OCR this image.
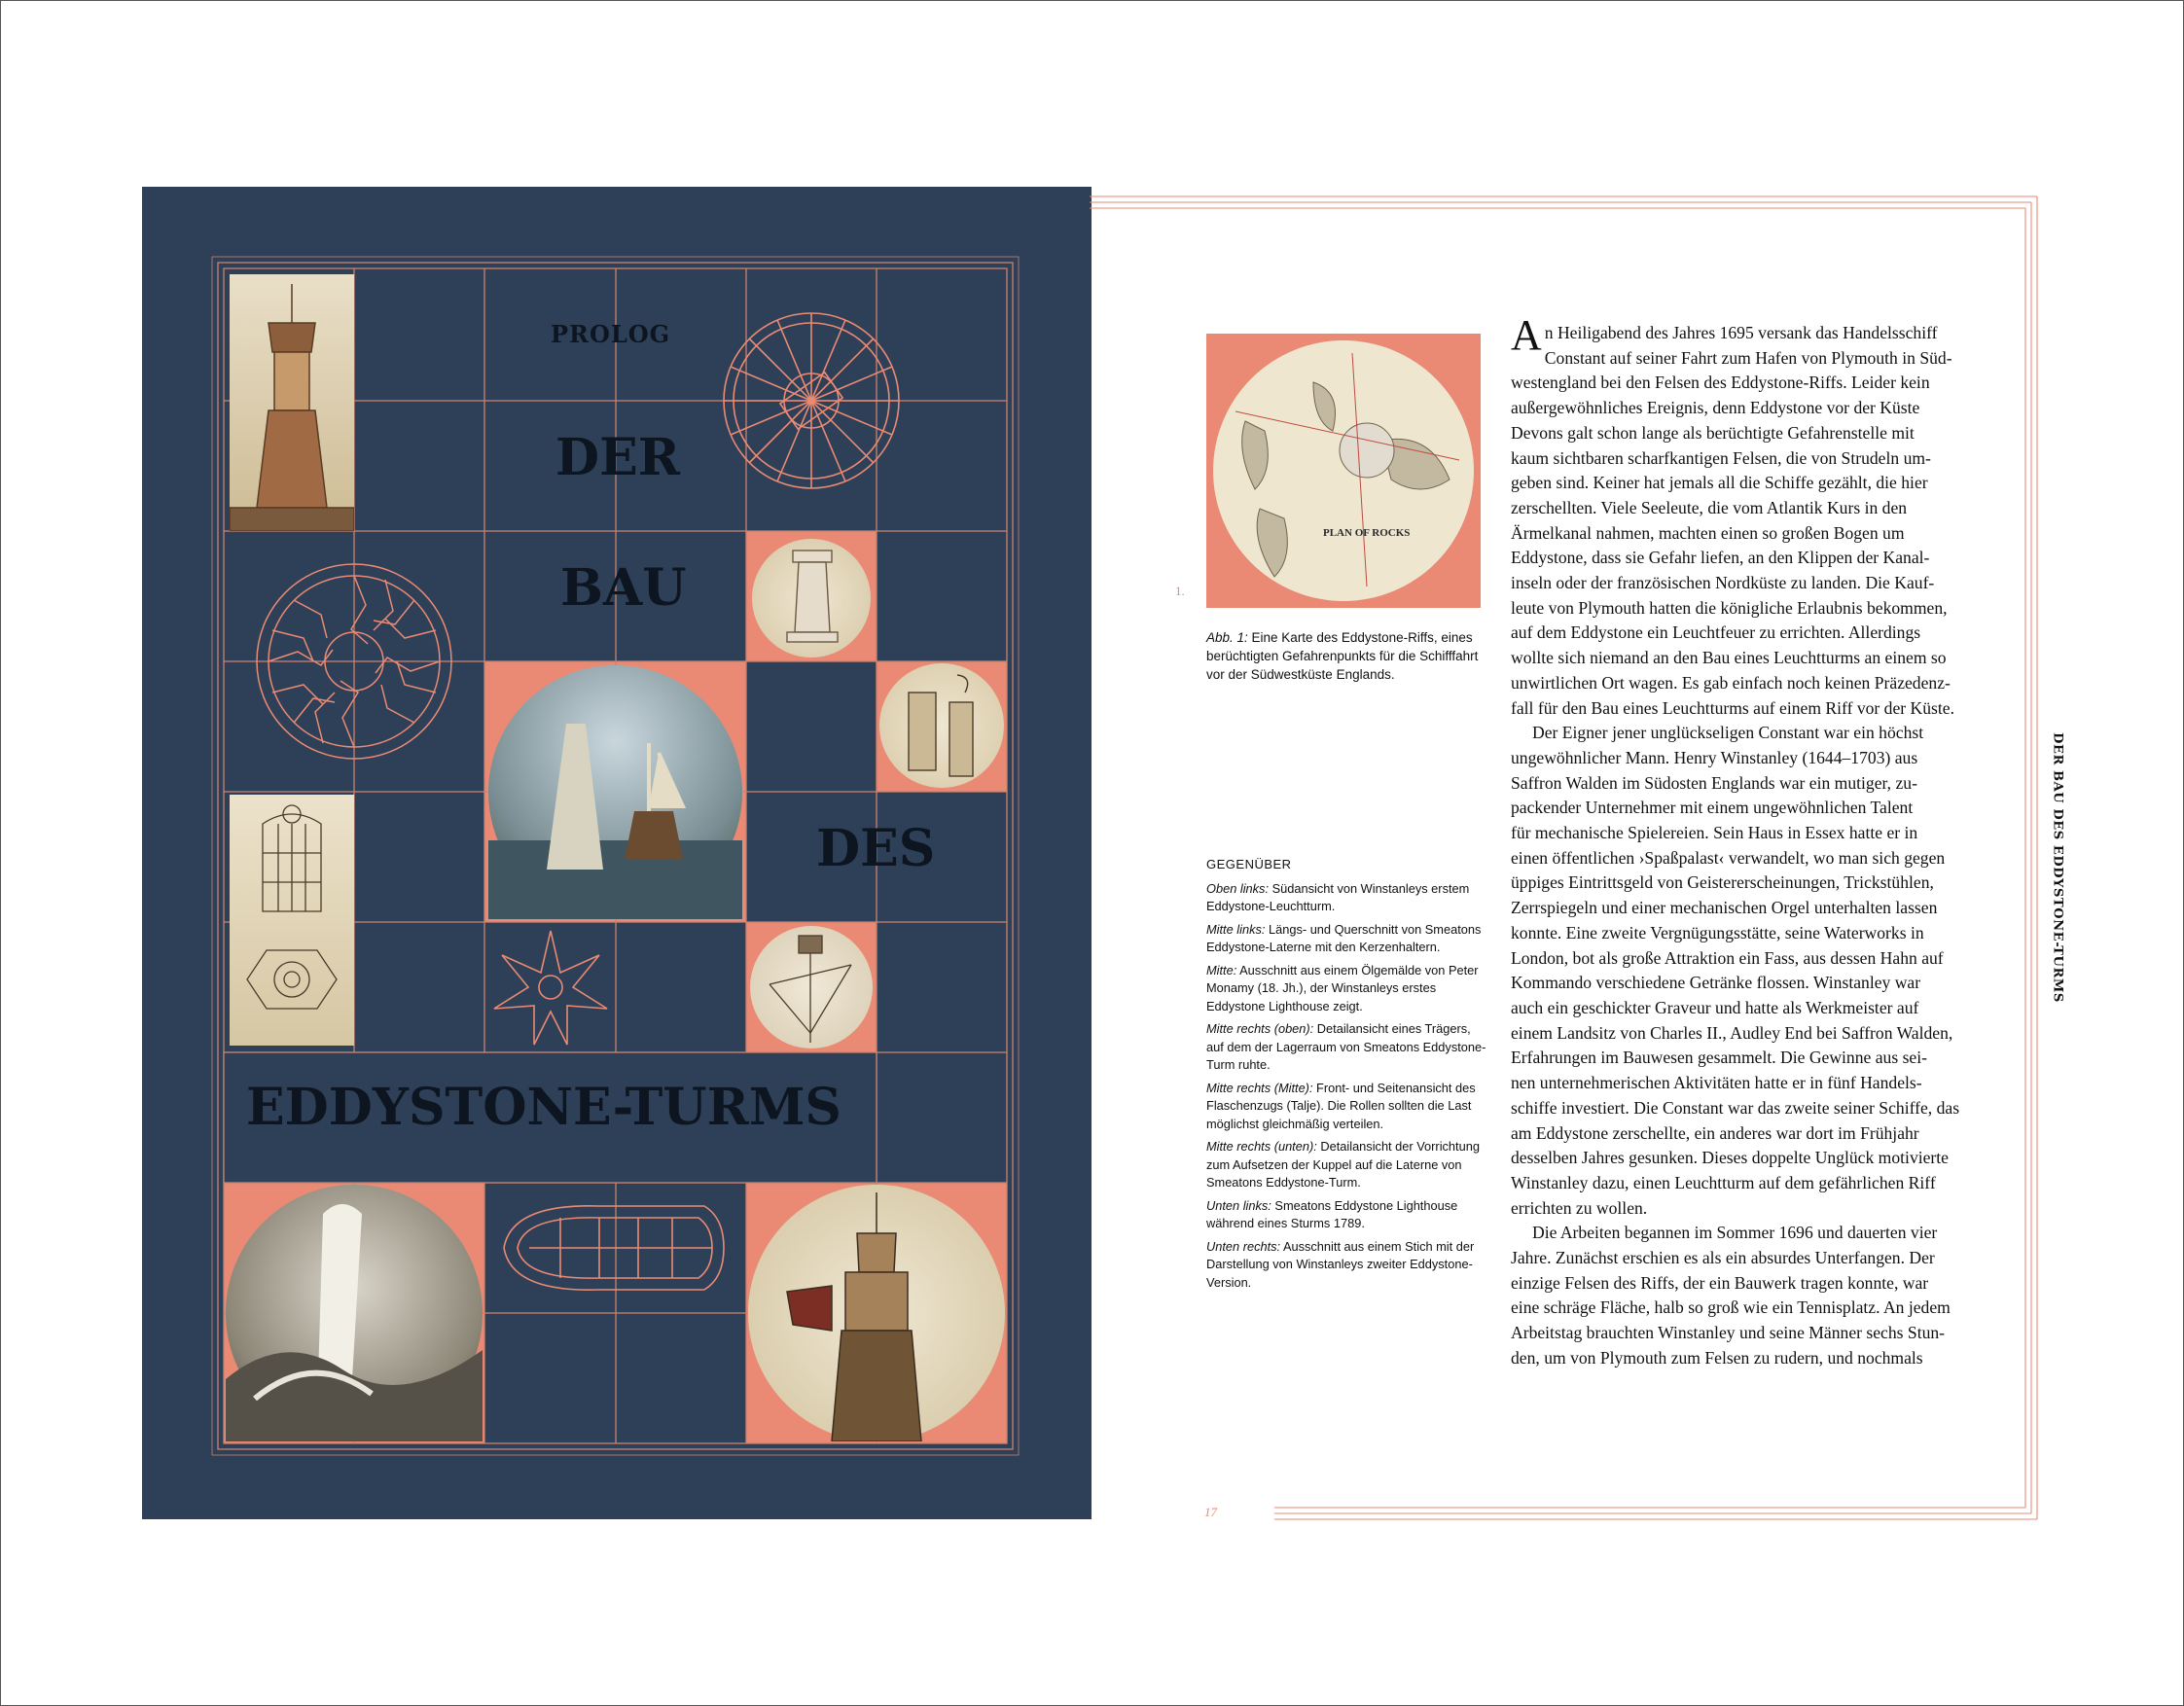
PROLOG
DER
BAU
DES
EDDYSTONE-TURMS
PLAN OF ROCKS
1.
Abb. 1: Eine Karte des Eddystone-Riffs, eines berüchtigten Gefahrenpunkts für die Schifffahrt vor der Südwestküste Englands.
GEGENÜBER

Oben links: Südansicht von Winstanleys erstem Eddystone-Leuchtturm.

Mitte links: Längs- und Querschnitt von Smeatons Eddystone-Laterne mit den Kerzenhaltern.

Mitte: Ausschnitt aus einem Ölgemälde von Peter Monamy (18. Jh.), der Winstanleys erstes Eddystone Lighthouse zeigt.

Mitte rechts (oben): Detailansicht eines Trägers, auf dem der Lagerraum von Smeatons Eddystone-Turm ruhte.

Mitte rechts (Mitte): Front- und Seitenansicht des Flaschenzugs (Talje). Die Rollen sollten die Last möglichst gleichmäßig verteilen.

Mitte rechts (unten): Detailansicht der Vorrichtung zum Aufsetzen der Kuppel auf die Laterne von Smeatons Eddystone-Turm.

Unten links: Smeatons Eddystone Lighthouse während eines Sturms 1789.

Unten rechts: Ausschnitt aus einem Stich mit der Darstellung von Winstanleys zweiter Eddystone-Version.

A n Heiligabend des Jahres 1695 versank das Handelsschiff
Constant auf seiner Fahrt zum Hafen von Plymouth in Süd-
westengland bei den Felsen des Eddystone-Riffs. Leider kein
außergewöhnliches Ereignis, denn Eddystone vor der Küste
Devons galt schon lange als berüchtigte Gefahrenstelle mit
kaum sichtbaren scharfkantigen Felsen, die von Strudeln um-
geben sind. Keiner hat jemals all die Schiffe gezählt, die hier
zerschellten. Viele Seeleute, die vom Atlantik Kurs in den
Ärmelkanal nahmen, machten einen so großen Bogen um
Eddystone, dass sie Gefahr liefen, an den Klippen der Kanal-
inseln oder der französischen Nordküste zu landen. Die Kauf-
leute von Plymouth hatten die königliche Erlaubnis bekommen,
auf dem Eddystone ein Leuchtfeuer zu errichten. Allerdings
wollte sich niemand an den Bau eines Leuchtturms an einem so
unwirtlichen Ort wagen. Es gab einfach noch keinen Präzedenz-
fall für den Bau eines Leuchtturms auf einem Riff vor der Küste.
Der Eigner jener unglückseligen Constant war ein höchst
ungewöhnlicher Mann. Henry Winstanley (1644–1703) aus
Saffron Walden im Südosten Englands war ein mutiger, zu-
packender Unternehmer mit einem ungewöhnlichen Talent
für mechanische Spielereien. Sein Haus in Essex hatte er in
einen öffentlichen ›Spaßpalast‹ verwandelt, wo man sich gegen
üppiges Eintrittsgeld von Geistererscheinungen, Trickstühlen,
Zerrspiegeln und einer mechanischen Orgel unterhalten lassen
konnte. Eine zweite Vergnügungsstätte, seine Waterworks in
London, bot als große Attraktion ein Fass, aus dessen Hahn auf
Kommando verschiedene Getränke flossen. Winstanley war
auch ein geschickter Graveur und hatte als Werkmeister auf
einem Landsitz von Charles II., Audley End bei Saffron Walden,
Erfahrungen im Bauwesen gesammelt. Die Gewinne aus sei-
nen unternehmerischen Aktivitäten hatte er in fünf Handels-
schiffe investiert. Die Constant war das zweite seiner Schiffe, das
am Eddystone zerschellte, ein anderes war dort im Frühjahr
desselben Jahres gesunken. Dieses doppelte Unglück motivierte
Winstanley dazu, einen Leuchtturm auf dem gefährlichen Riff
errichten zu wollen.
Die Arbeiten begannen im Sommer 1696 und dauerten vier
Jahre. Zunächst erschien es als ein absurdes Unterfangen. Der
einzige Felsen des Riffs, der ein Bauwerk tragen konnte, war
eine schräge Fläche, halb so groß wie ein Tennisplatz. An jedem
Arbeitstag brauchten Winstanley und seine Männer sechs Stun-
den, um von Plymouth zum Felsen zu rudern, und nochmals
DER BAU DES EDDYSTONE-TURMS
17
